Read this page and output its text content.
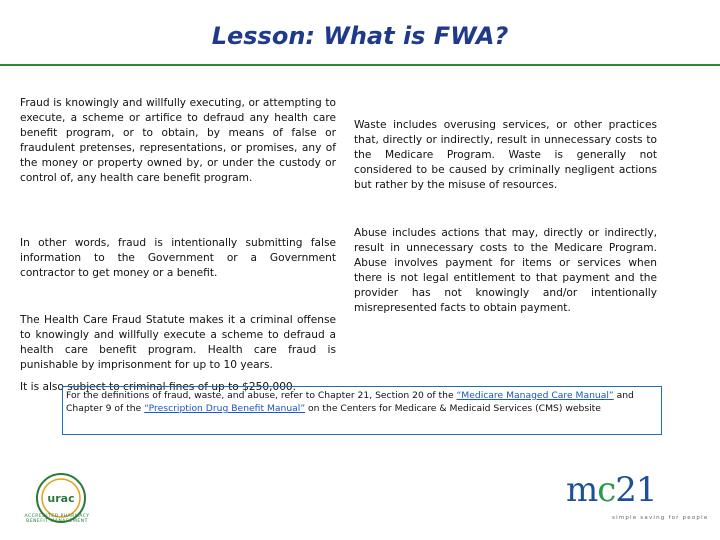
Lesson: What is FWA?

Fraud is knowingly and willfully executing, or attempting to execute, a scheme or artifice to defraud any health care benefit program, or to obtain, by means of false or fraudulent pretenses, representations, or promises, any of the money or property owned by, or under the custody or control of, any health care benefit program.

In other words, fraud is intentionally submitting false information to the Government or a Government contractor to get money or a benefit.

The Health Care Fraud Statute makes it a criminal offense to knowingly and willfully execute a scheme to defraud a health care benefit program. Health care fraud is punishable by imprisonment for up to 10 years.

It is also subject to criminal fines of up to $250,000.

Waste includes overusing services, or other practices that, directly or indirectly, result in unnecessary costs to the Medicare Program. Waste is generally not considered to be caused by criminally negligent actions but rather by the misuse of resources.

Abuse includes actions that may, directly or indirectly, result in unnecessary costs to the Medicare Program. Abuse involves payment for items or services when there is not legal entitlement to that payment and the provider has not knowingly and/or intentionally misrepresented facts to obtain payment.

For the definitions of fraud, waste, and abuse, refer to Chapter 21, Section 20 of the “Medicare Managed Care Manual” and Chapter 9 of the “Prescription Drug Benefit Manual” on the Centers for Medicare & Medicaid Services (CMS) website
urac
ACCREDITED PHARMACY BENEFIT MANAGEMENT
mc21
simple saving for people
